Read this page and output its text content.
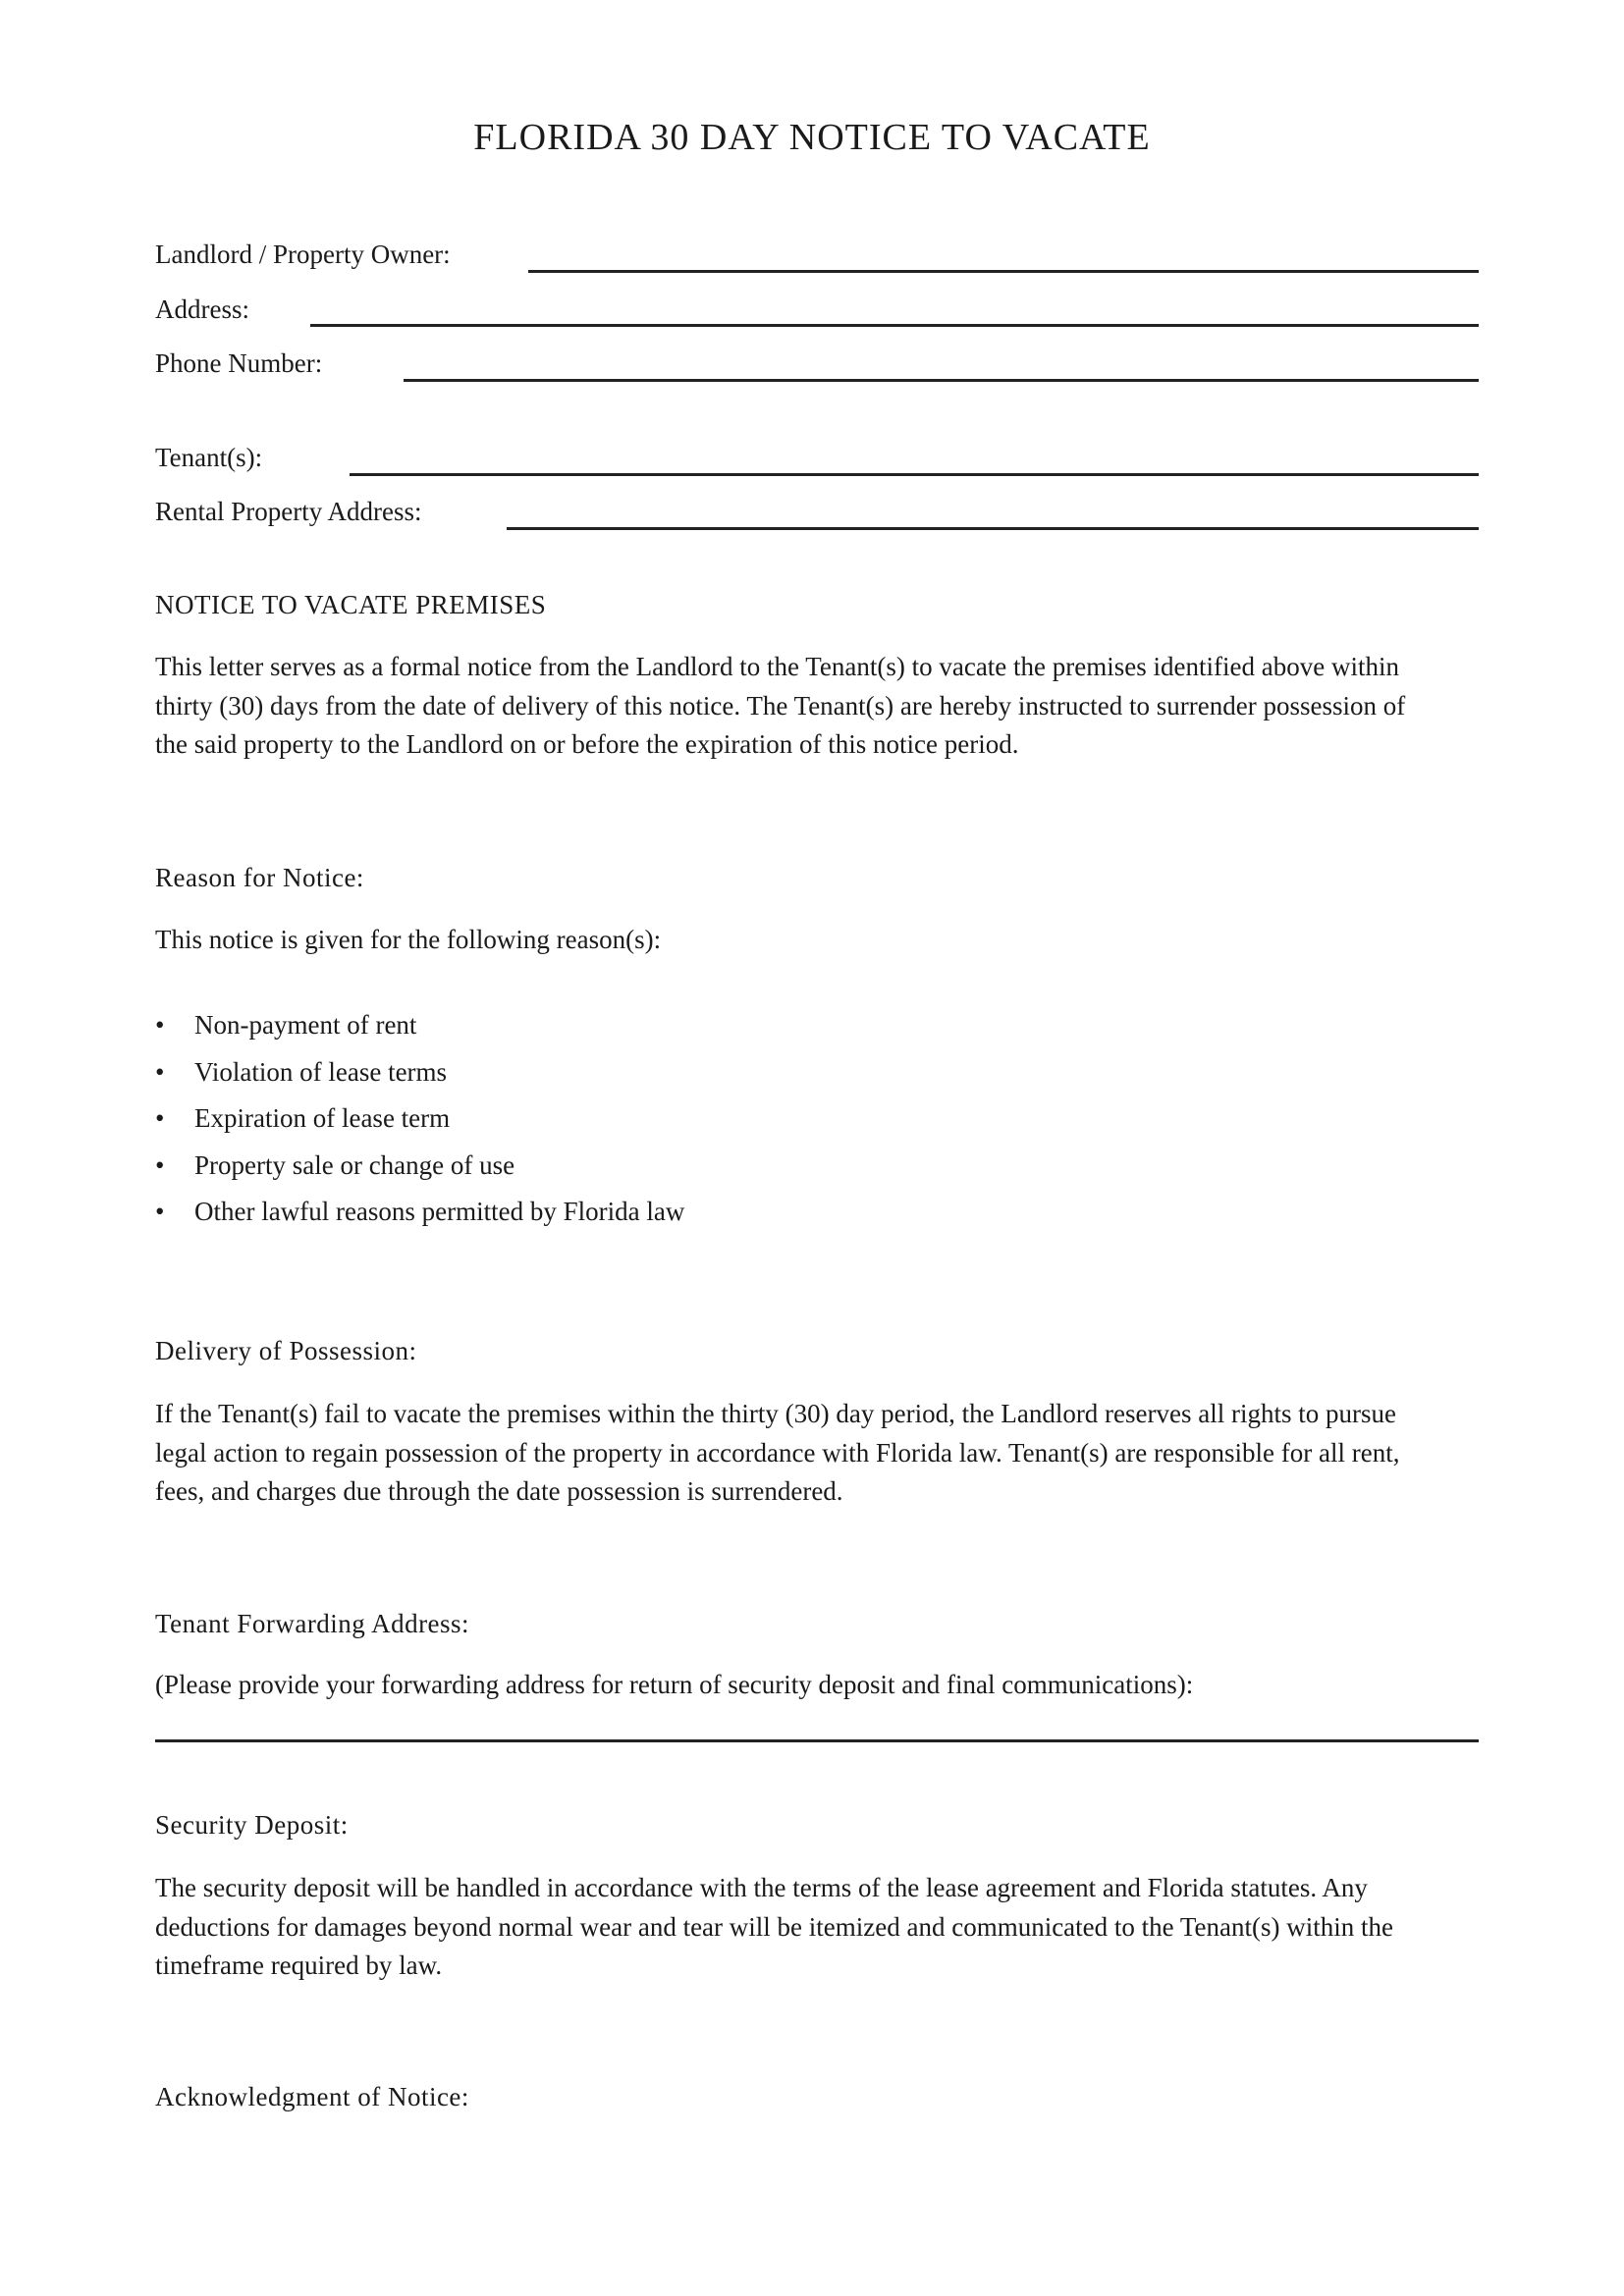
FLORIDA 30 DAY NOTICE TO VACATE
Landlord / Property Owner:
Address:
Phone Number:
Tenant(s):
Rental Property Address:
NOTICE TO VACATE PREMISES
This letter serves as a formal notice from the Landlord to the Tenant(s) to vacate the premises identified above within
thirty (30) days from the date of delivery of this notice. The Tenant(s) are hereby instructed to surrender possession of
the said property to the Landlord on or before the expiration of this notice period.
Reason for Notice:
This notice is given for the following reason(s):
• Non-payment of rent
• Violation of lease terms
• Expiration of lease term
• Property sale or change of use
• Other lawful reasons permitted by Florida law
Delivery of Possession:
If the Tenant(s) fail to vacate the premises within the thirty (30) day period, the Landlord reserves all rights to pursue
legal action to regain possession of the property in accordance with Florida law. Tenant(s) are responsible for all rent,
fees, and charges due through the date possession is surrendered.
Tenant Forwarding Address:
(Please provide your forwarding address for return of security deposit and final communications):
Security Deposit:
The security deposit will be handled in accordance with the terms of the lease agreement and Florida statutes. Any
deductions for damages beyond normal wear and tear will be itemized and communicated to the Tenant(s) within the
timeframe required by law.
Acknowledgment of Notice:
